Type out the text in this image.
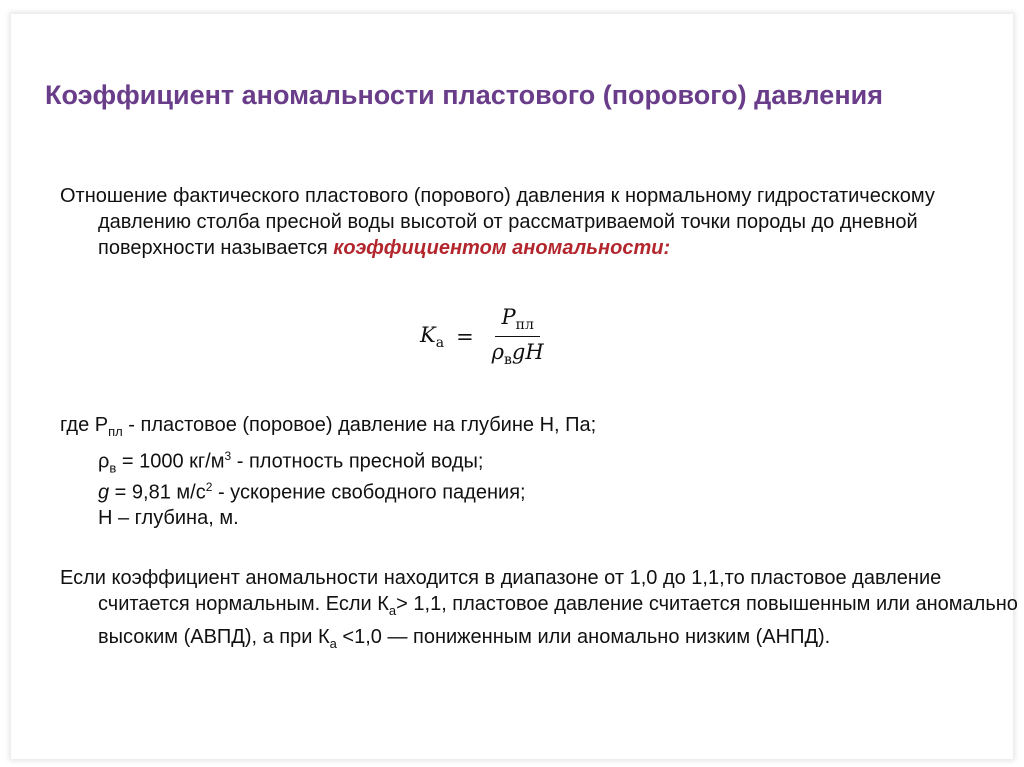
Коэффициент аномальности пластового (порового) давления

Отношение фактического пластового (порового) давления к нормальному гидростатическому давлению столба пресной воды высотой от рассматриваемой точки породы до дневной поверхности называется коэффициентом аномальности:

$K_а = \frac{P_{пл}}{\rho_вgH}$
где $P_{пл}$ - пластовое (поровое) давление на глубине Н, Па;
$\rho_в = 1000$ $кг/м^3$ - плотность пресной воды;
g = 9,81 $м/с^2$ - ускорение свободного падения;
Н – глубина, м.

Если коэффициент аномальности находится в диапазоне от 1,0 до 1,1,то пластовое давление считается нормальным. Если $К_а> 1,1$, пластовое давление считается повышенным или аномально высоким (АВПД), а при $К_а <1,0$ — пониженным или аномально низким (АНПД).
